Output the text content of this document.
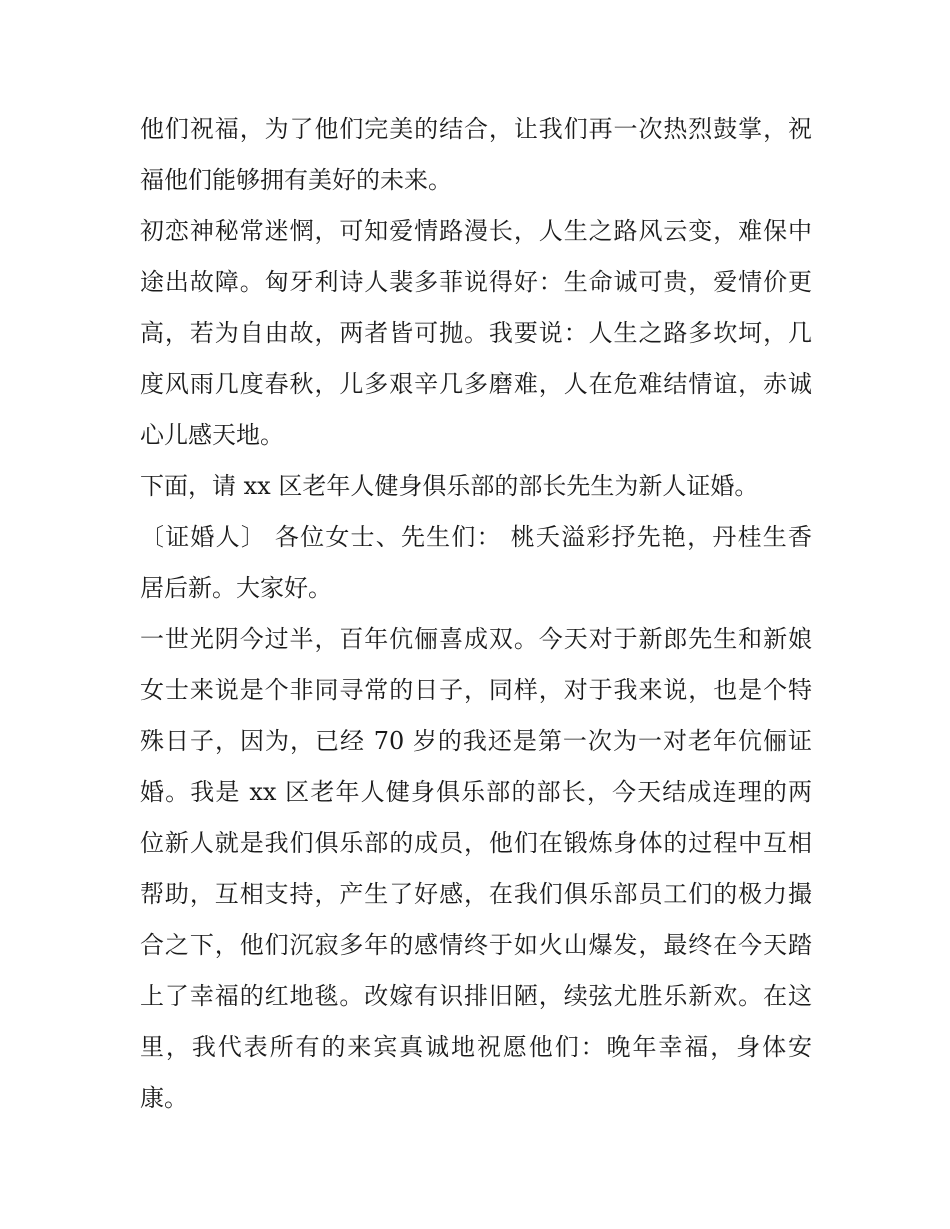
他们祝福，为了他们完美的结合，让我们再一次热烈鼓掌，祝
福他们能够拥有美好的未来。
初恋神秘常迷惘，可知爱情路漫长，人生之路风云变，难保中
途出故障。匈牙利诗人裴多菲说得好：生命诚可贵，爱情价更
高，若为自由故，两者皆可抛。我要说：人生之路多坎坷，几
度风雨几度春秋，儿多艰辛几多磨难，人在危难结情谊，赤诚
心儿感天地。
下面，请 xx 区老年人健身俱乐部的部长先生为新人证婚。
〔证婚人〕 各位女士、先生们： 桃夭溢彩抒先艳，丹桂生香
居后新。大家好。
一世光阴今过半，百年伉俪喜成双。今天对于新郎先生和新娘
女士来说是个非同寻常的日子，同样，对于我来说，也是个特
殊日子，因为，已经 70 岁的我还是第一次为一对老年伉俪证
婚。我是 xx 区老年人健身俱乐部的部长，今天结成连理的两
位新人就是我们俱乐部的成员，他们在锻炼身体的过程中互相
帮助，互相支持，产生了好感，在我们俱乐部员工们的极力撮
合之下，他们沉寂多年的感情终于如火山爆发，最终在今天踏
上了幸福的红地毯。改嫁有识排旧陋，续弦尤胜乐新欢。在这
里，我代表所有的来宾真诚地祝愿他们：晚年幸福，身体安
康。
